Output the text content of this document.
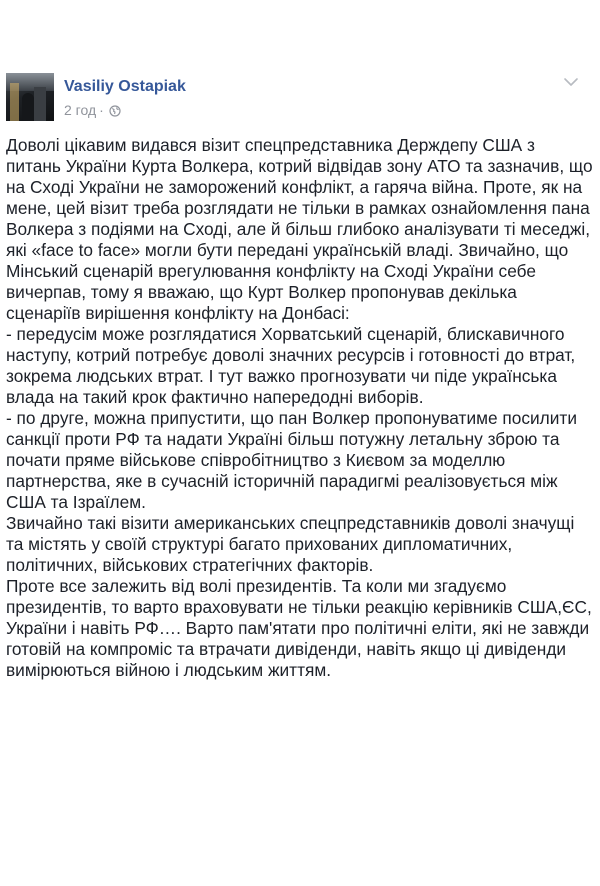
Vasiliy Ostapiak
2 год ·
Доволі цікавим видався візит спецпредставника Держдепу США з
питань України Курта Волкера, котрий відвідав зону АТО та зазначив, що
на Сході України не заморожений конфлікт, а гаряча війна. Проте, як на
мене, цей візит треба розглядати не тільки в рамках ознайомлення пана
Волкера з подіями на Сході, але й більш глибоко аналізувати ті меседжі,
які «face to face» могли бути передані українській владі. Звичайно, що
Мінський сценарій врегулювання конфлікту на Сході України себе
вичерпав, тому я вважаю, що Курт Волкер пропонував декілька
сценаріїв вирішення конфлікту на Донбасі:
- передусім може розглядатися Хорватський сценарій, блискавичного
наступу, котрий потребує доволі значних ресурсів і готовності до втрат,
зокрема людських втрат. І тут важко прогнозувати чи піде українська
влада на такий крок фактично напередодні виборів.
- по друге, можна припустити, що пан Волкер пропонуватиме посилити
санкції проти РФ та надати Україні більш потужну летальну зброю та
почати пряме військове співробітництво з Києвом за моделлю
партнерства, яке в сучасній історичній парадигмі реалізовується між
США та Ізраїлем.
Звичайно такі візити американських спецпредставників доволі значущі
та містять у своїй структурі багато прихованих дипломатичних,
політичних, військових стратегічних факторів.
Проте все залежить від волі президентів. Та коли ми згадуємо
президентів, то варто враховувати не тільки реакцію керівників США,ЄС,
України і навіть РФ…. Варто пам'ятати про політичні еліти, які не завжди
готовій на компроміс та втрачати дивіденди, навіть якщо ці дивіденди
вимірюються війною і людським життям.
